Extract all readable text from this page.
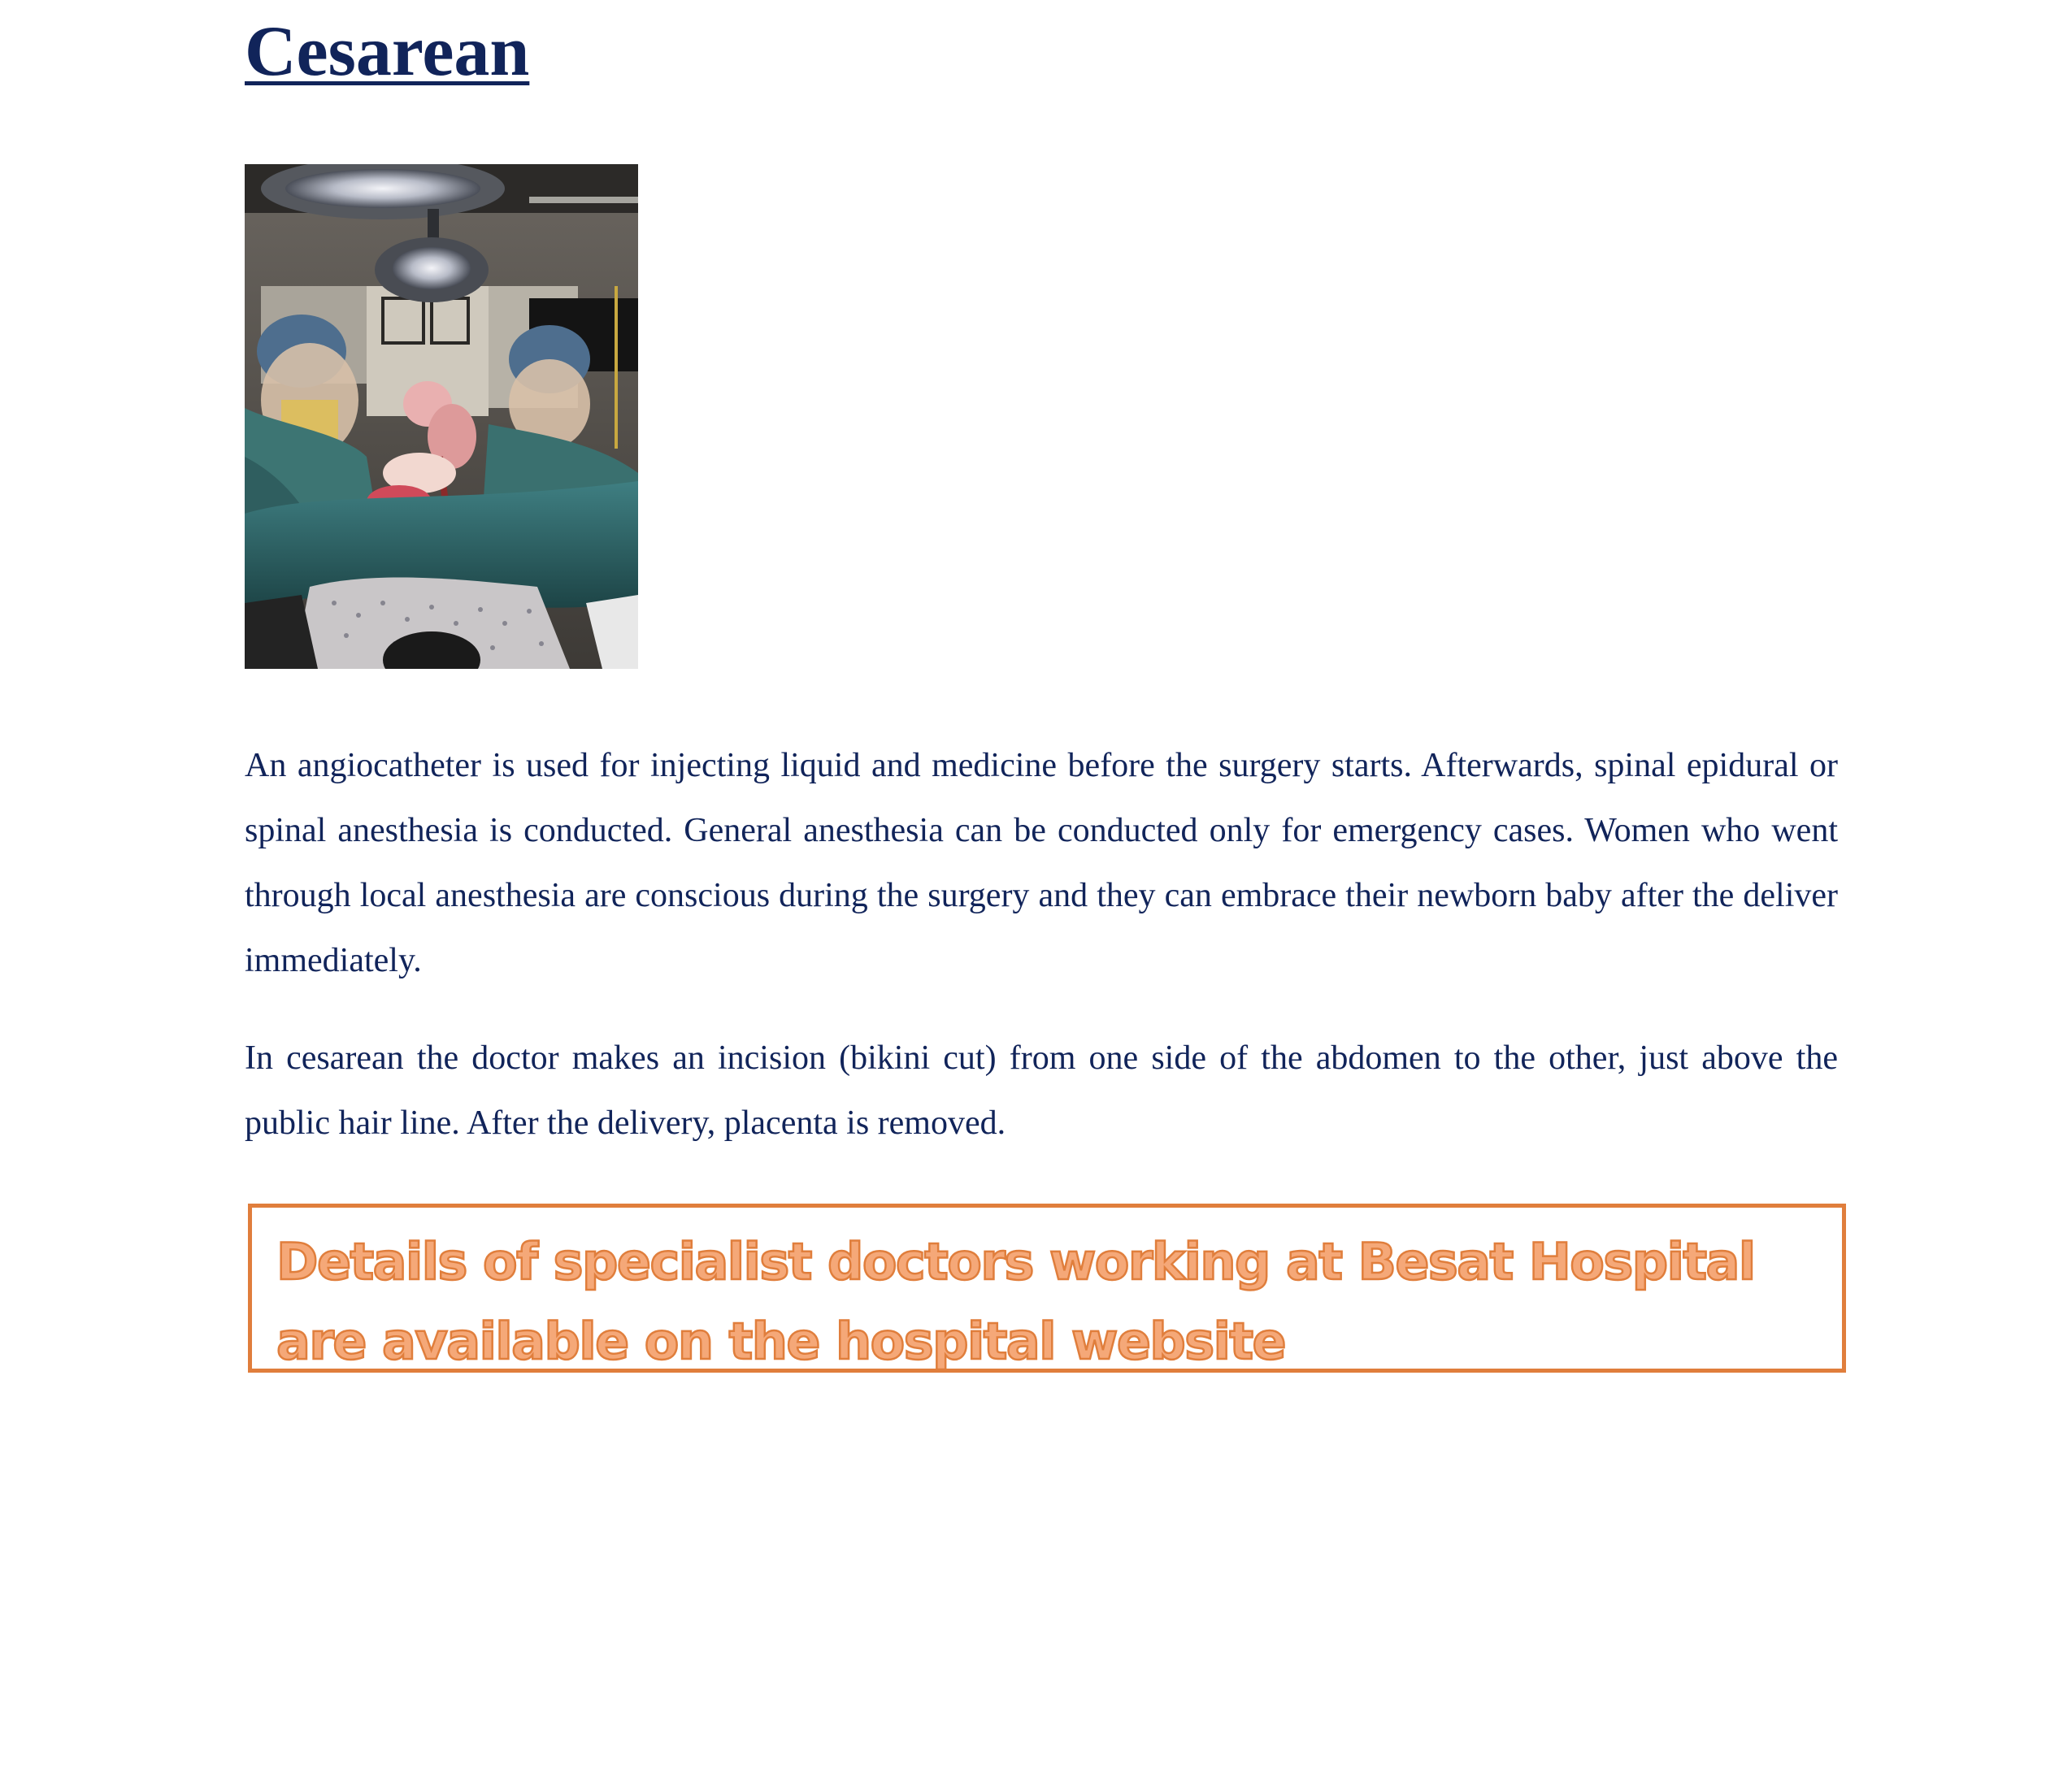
Cesarean

An angiocatheter is used for injecting liquid and medicine before the surgery starts. Afterwards, spinal epidural or spinal anesthesia is conducted. General anesthesia can be conducted only for emergency cases. Women who went through local anesthesia are conscious during the surgery and they can embrace their newborn baby after the deliver immediately.

In cesarean the doctor makes an incision (bikini cut) from one side of the abdomen to the other, just above the public hair line. After the delivery, placenta is removed.

Details of specialist doctors working at Besat Hospital are available on the hospital website
